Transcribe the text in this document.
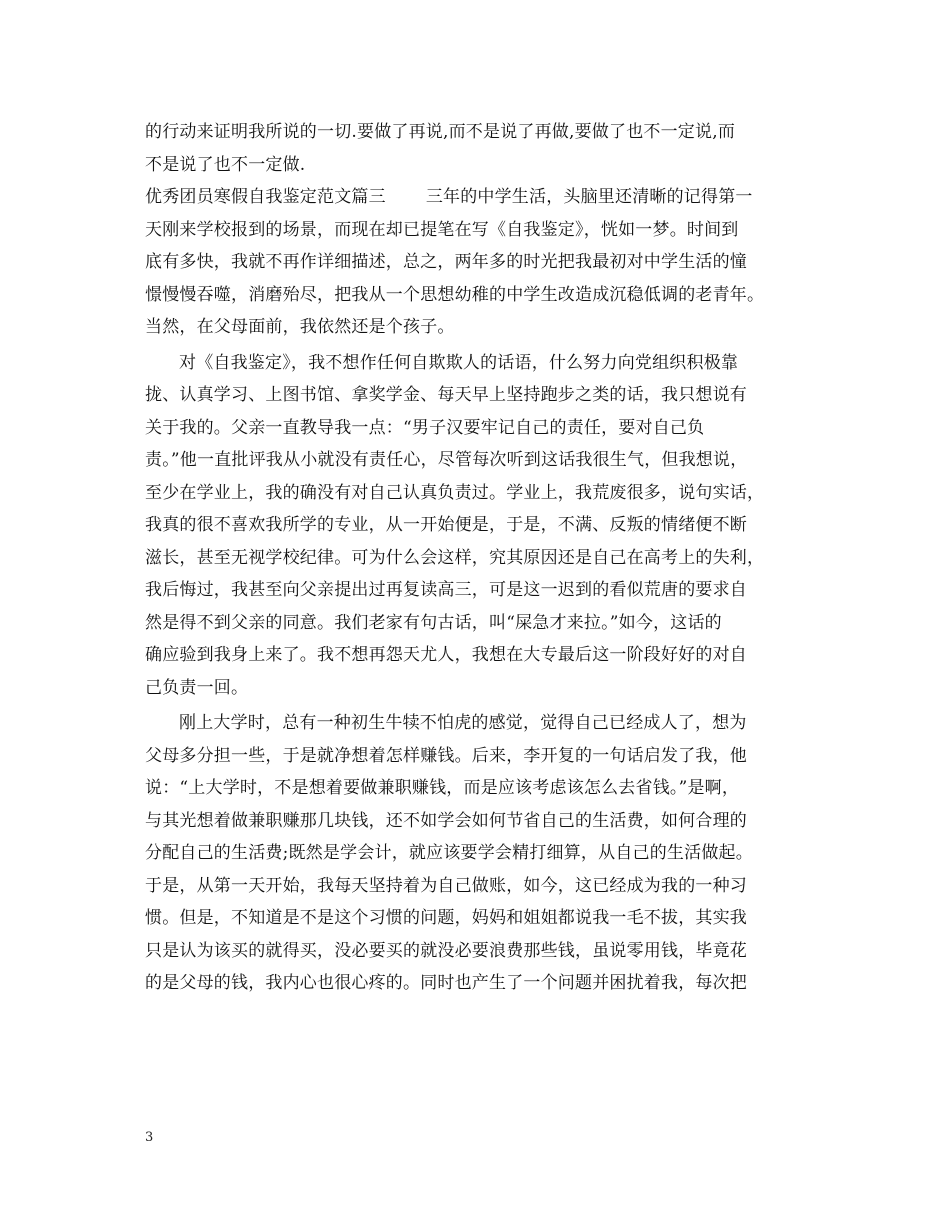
的行动来证明我所说的一切.要做了再说,而不是说了再做,要做了也不一定说,而
不是说了也不一定做.
优秀团员寒假自我鉴定范文篇三 三年的中学生活，头脑里还清晰的记得第一
天刚来学校报到的场景，而现在却已提笔在写《自我鉴定》，恍如一梦。时间到
底有多快，我就不再作详细描述，总之，两年多的时光把我最初对中学生活的憧
憬慢慢吞噬，消磨殆尽，把我从一个思想幼稚的中学生改造成沉稳低调的老青年。
当然，在父母面前，我依然还是个孩子。
对《自我鉴定》，我不想作任何自欺欺人的话语，什么努力向党组织积极靠
拢、认真学习、上图书馆、拿奖学金、每天早上坚持跑步之类的话，我只想说有
关于我的。父亲一直教导我一点：“男子汉要牢记自己的责任，要对自己负
责。”他一直批评我从小就没有责任心，尽管每次听到这话我很生气，但我想说，
至少在学业上，我的确没有对自己认真负责过。学业上，我荒废很多，说句实话，
我真的很不喜欢我所学的专业，从一开始便是，于是，不满、反叛的情绪便不断
滋长，甚至无视学校纪律。可为什么会这样，究其原因还是自己在高考上的失利，
我后悔过，我甚至向父亲提出过再复读高三，可是这一迟到的看似荒唐的要求自
然是得不到父亲的同意。我们老家有句古话，叫“屎急才来拉。”如今，这话的
确应验到我身上来了。我不想再怨天尤人，我想在大专最后这一阶段好好的对自
己负责一回。
刚上大学时，总有一种初生牛犊不怕虎的感觉，觉得自己已经成人了，想为
父母多分担一些，于是就净想着怎样赚钱。后来，李开复的一句话启发了我，他
说：“上大学时，不是想着要做兼职赚钱，而是应该考虑该怎么去省钱。”是啊，
与其光想着做兼职赚那几块钱，还不如学会如何节省自己的生活费，如何合理的
分配自己的生活费;既然是学会计，就应该要学会精打细算，从自己的生活做起。
于是，从第一天开始，我每天坚持着为自己做账，如今，这已经成为我的一种习
惯。但是，不知道是不是这个习惯的问题，妈妈和姐姐都说我一毛不拔，其实我
只是认为该买的就得买，没必要买的就没必要浪费那些钱，虽说零用钱，毕竟花
的是父母的钱，我内心也很心疼的。同时也产生了一个问题并困扰着我，每次把
3
